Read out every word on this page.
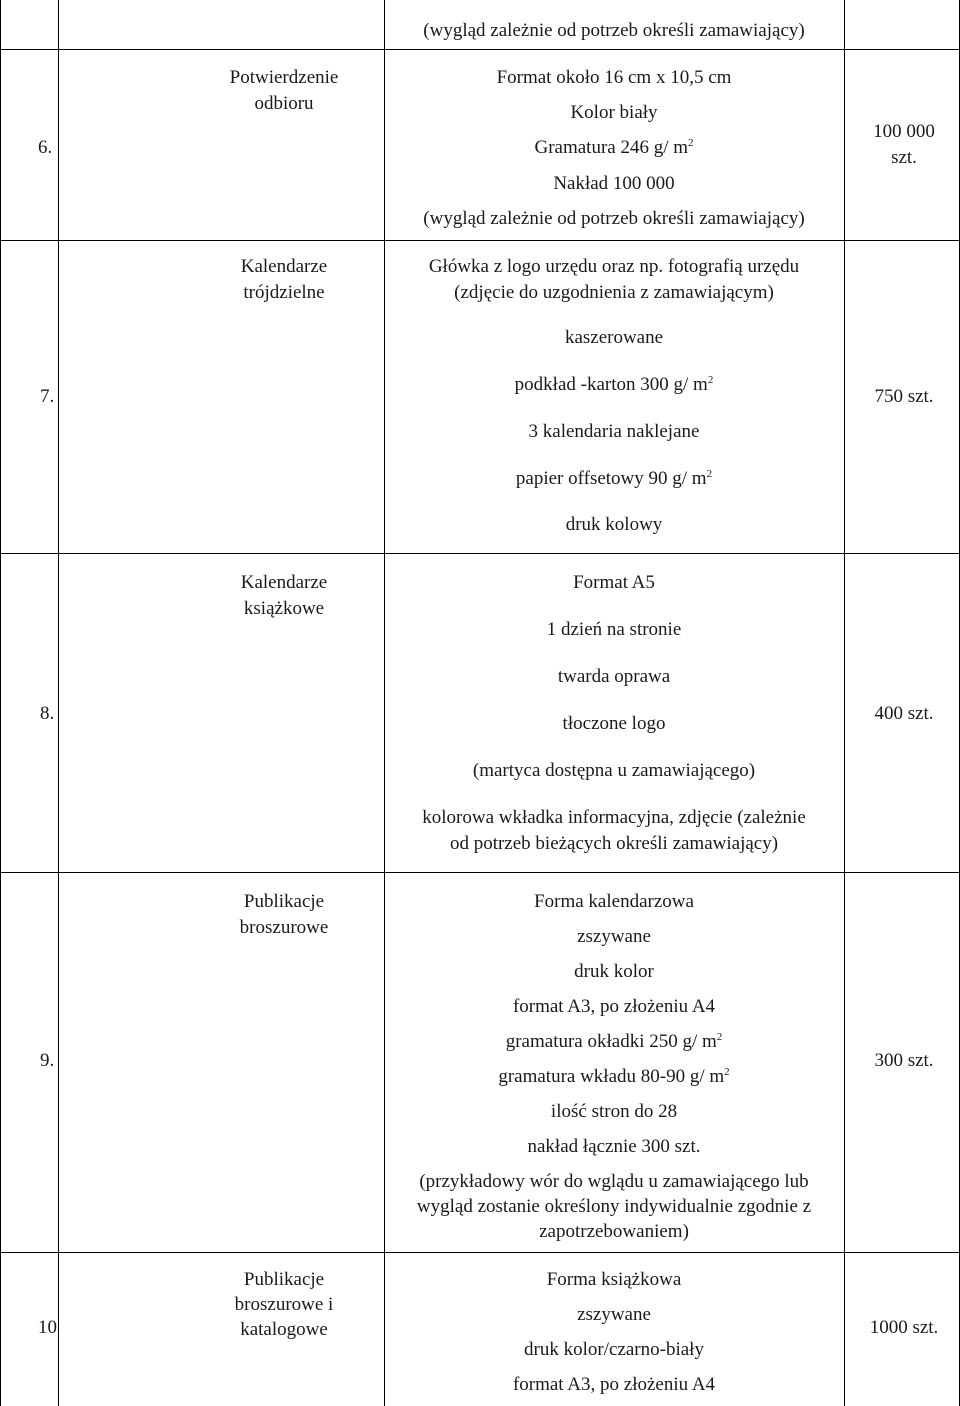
(wygląd zależnie od potrzeb określi zamawiający)
6.
Potwierdzenie
odbioru
Format około 16 cm x 10,5 cm
Kolor biały
Gramatura 246 g/ $m^2$
Nakład 100 000
(wygląd zależnie od potrzeb określi zamawiający)
100 000
szt.
7.
Kalendarze
trójdzielne
Główka z logo urzędu oraz np. fotografią urzędu
(zdjęcie do uzgodnienia z zamawiającym)
kaszerowane
podkład -karton 300 g/ $m^2$
3 kalendaria naklejane
papier offsetowy 90 g/ $m^2$
druk kolowy
750 szt.
8.
Kalendarze
książkowe
Format A5
1 dzień na stronie
twarda oprawa
tłoczone logo
(martyca dostępna u zamawiającego)
kolorowa wkładka informacyjna, zdjęcie (zależnie
od potrzeb bieżących określi zamawiający)
400 szt.
9.
Publikacje
broszurowe
Forma kalendarzowa
zszywane
druk kolor
format A3, po złożeniu A4
gramatura okładki 250 g/ $m^2$
gramatura wkładu 80-90 g/ $m^2$
ilość stron do 28
nakład łącznie 300 szt.
(przykładowy wór do wglądu u zamawiającego lub
wygląd zostanie określony indywidualnie zgodnie z
zapotrzebowaniem)
300 szt.
10
Publikacje
broszurowe i
katalogowe
Forma książkowa
zszywane
druk kolor/czarno-biały
format A3, po złożeniu A4
1000 szt.
